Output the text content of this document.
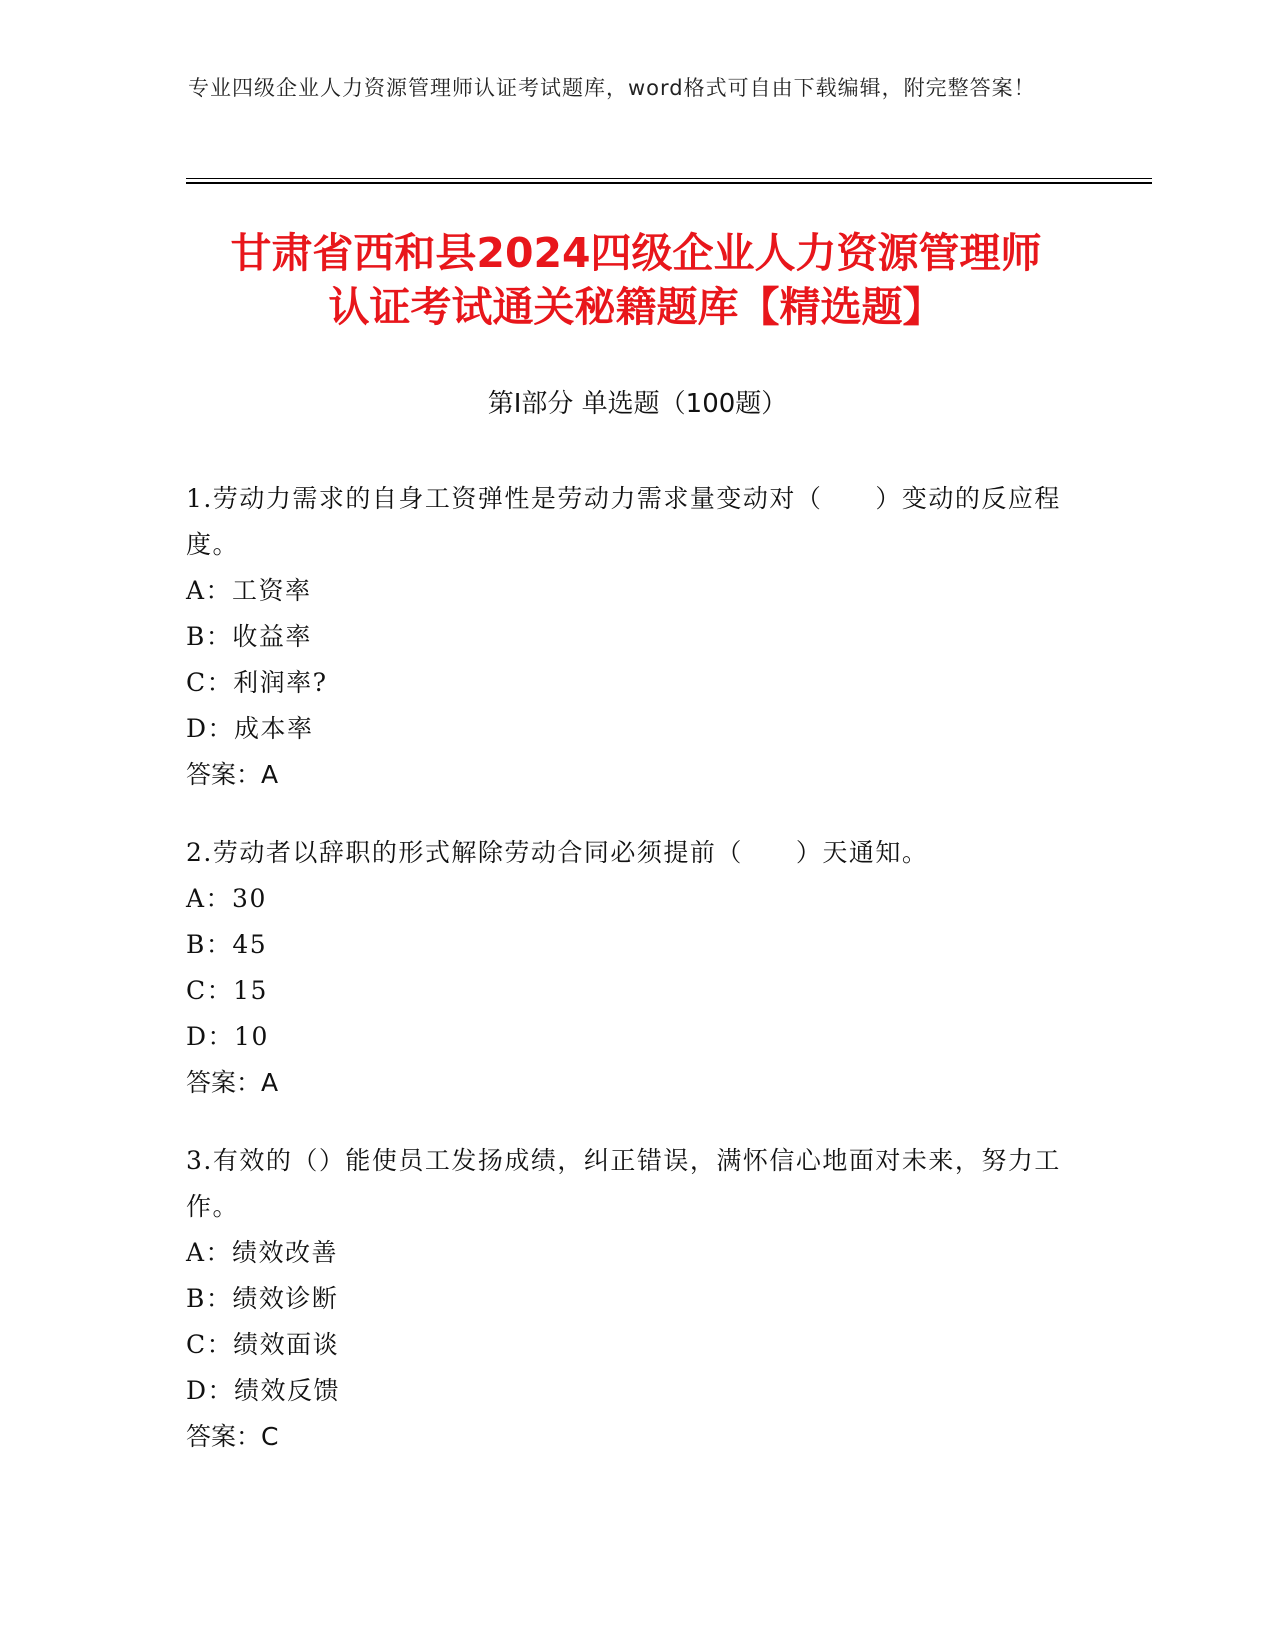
专业四级企业人力资源管理师认证考试题库，word格式可自由下载编辑，附完整答案！
甘肃省西和县2024四级企业人力资源管理师
认证考试通关秘籍题库【精选题】
第Ⅰ部分 单选题（100题）

1.劳动力需求的自身工资弹性是劳动力需求量变动对（　　）变动的反应程度。

A：工资率

B：收益率

C：利润率?

D：成本率

答案：A

2.劳动者以辞职的形式解除劳动合同必须提前（　　）天通知。

A：30

B：45

C：15

D：10

答案：A

3.有效的（）能使员工发扬成绩，纠正错误，满怀信心地面对未来，努力工作。

A：绩效改善

B：绩效诊断

C：绩效面谈

D：绩效反馈

答案：C
